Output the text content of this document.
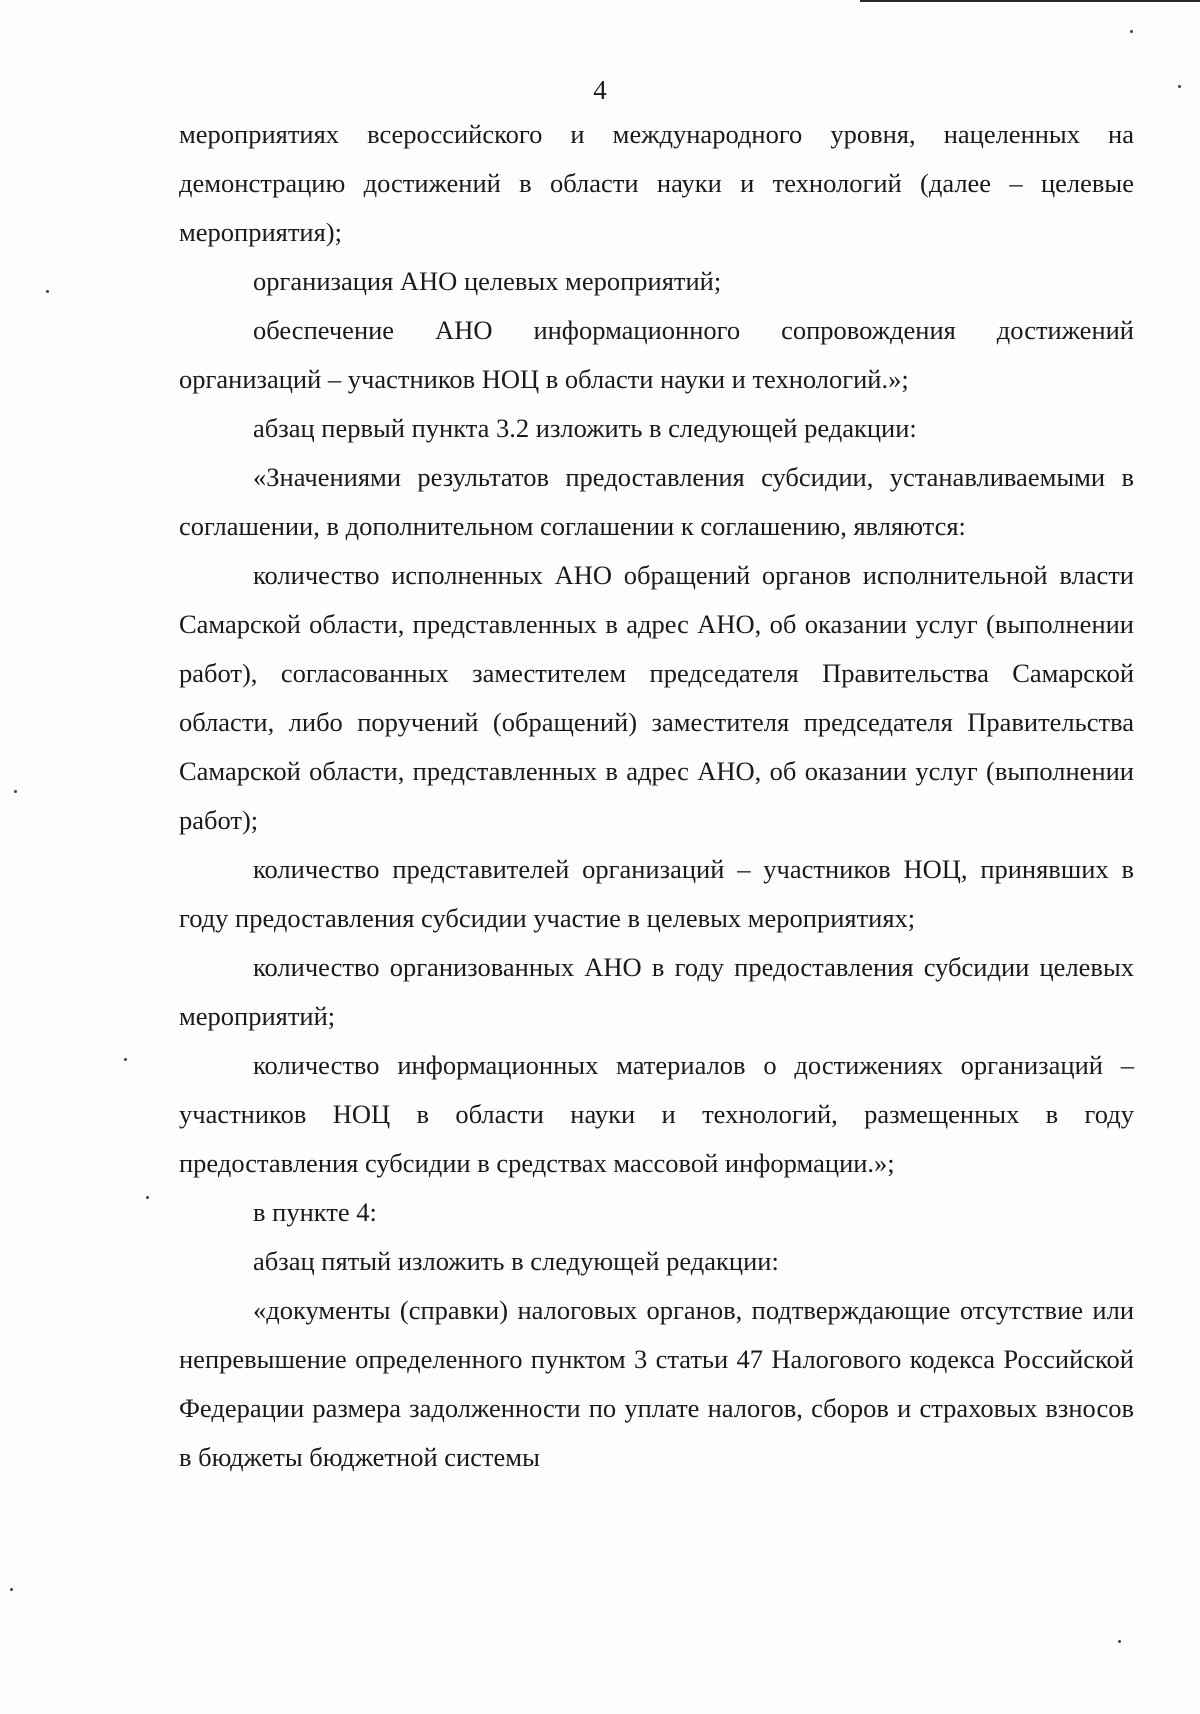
4

мероприятиях всероссийского и международного уровня, нацеленных на демонстрацию достижений в области науки и технологий (далее – целевые мероприятия);

организация АНО целевых мероприятий;

обеспечение АНО информационного сопровождения достижений организаций – участников НОЦ в области науки и технологий.»;

абзац первый пункта 3.2 изложить в следующей редакции:

«Значениями результатов предоставления субсидии, устанавливаемыми в соглашении, в дополнительном соглашении к соглашению, являются:

количество исполненных АНО обращений органов исполнительной власти Самарской области, представленных в адрес АНО, об оказании услуг (выполнении работ), согласованных заместителем председателя Правительства Самарской области, либо поручений (обращений) заместителя председателя Правительства Самарской области, представленных в адрес АНО, об оказании услуг (выполнении работ);

количество представителей организаций – участников НОЦ, принявших в году предоставления субсидии участие в целевых мероприятиях;

количество организованных АНО в году предоставления субсидии целевых мероприятий;

количество информационных материалов о достижениях организаций – участников НОЦ в области науки и технологий, размещенных в году предоставления субсидии в средствах массовой информации.»;

в пункте 4:

абзац пятый изложить в следующей редакции:

«документы (справки) налоговых органов, подтверждающие отсутствие или непревышение определенного пунктом 3 статьи 47 Налогового кодекса Российской Федерации размера задолженности по уплате налогов, сборов и страховых взносов в бюджеты бюджетной системы
